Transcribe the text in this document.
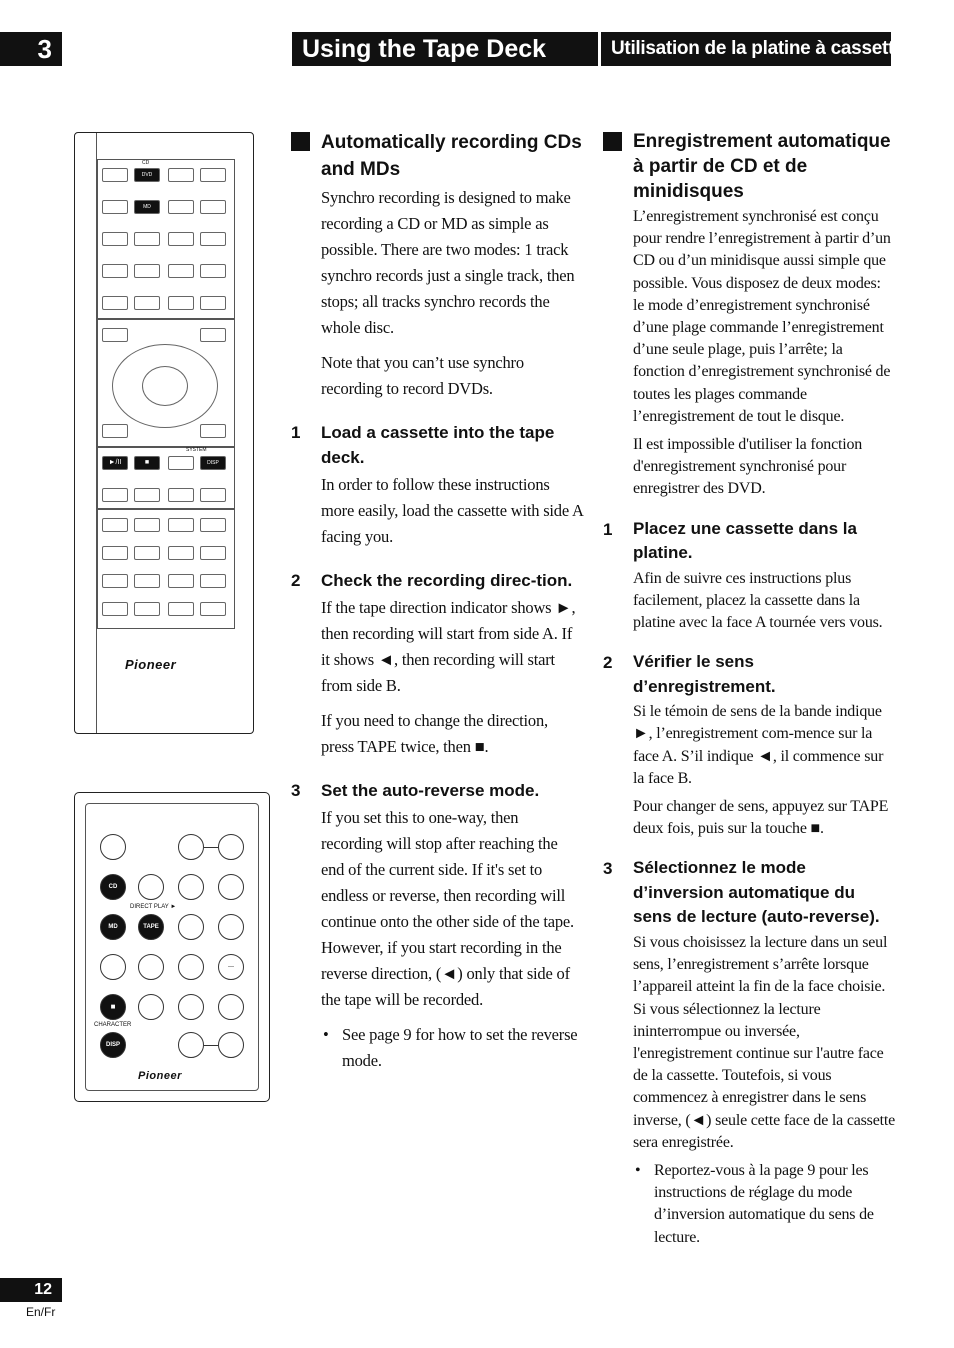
3	Using the Tape Deck	Utilisation de la platine à cassettes
CD
DVD
MD
SYSTEM
►/II	■	DISP
Pioneer
CD
DIRECT PLAY ►
MD	TAPE
---
■
CHARACTER
DISP
Pioneer
Automatically recording CDs and MDs

Synchro recording is designed to make recording a CD or MD as simple as possible. There are two modes: 1 track synchro records just a single track, then stops; all tracks synchro records the whole disc.

Note that you can’t use synchro recording to record DVDs.

1 Load a cassette into the tape deck.

In order to follow these instructions more easily, load the cassette with side A facing you.

2 Check the recording direc-tion.

If the tape direction indicator shows ►, then recording will start from side A. If it shows ◄, then recording will start from side B.

If you need to change the direction, press TAPE twice, then ■.

3 Set the auto-reverse mode.

If you set this to one-way, then recording will stop after reaching the end of the current side. If it's set to endless or reverse, then recording will continue onto the other side of the tape. However, if you start recording in the reverse direction, (◄) only that side of the tape will be recorded.

• See page 9 for how to set the reverse mode.

Enregistrement automatique à partir de CD et de minidisques

L’enregistrement synchronisé est conçu pour rendre l’enregistrement à partir d’un CD ou d’un minidisque aussi simple que possible. Vous disposez de deux modes: le mode d’enregistrement synchronisé d’une plage commande l’enregistrement d’une seule plage, puis l’arrête; la fonction d’enregistrement synchronisé de toutes les plages commande l’enregistrement de tout le disque.

Il est impossible d'utiliser la fonction d'enregistrement synchronisé pour enregistrer des DVD.

1 Placez une cassette dans la platine.

Afin de suivre ces instructions plus facilement, placez la cassette dans la platine avec la face A tournée vers vous.

2 Vérifier le sens d’enregistrement.

Si le témoin de sens de la bande indique ►, l’enregistrement com-mence sur la face A. S’il indique ◄, il commence sur la face B.

Pour changer de sens, appuyez sur TAPE deux fois, puis sur la touche ■.

3 Sélectionnez le mode d’inversion automatique du sens de lecture (auto-reverse).

Si vous choisissez la lecture dans un seul sens, l’enregistrement s’arrête lorsque l’appareil atteint la fin de la face choisie. Si vous sélectionnez la lecture ininterrompue ou inversée, l'enregistrement continue sur l'autre face de la cassette. Toutefois, si vous commencez à enregistrer dans le sens inverse, (◄) seule cette face de la cassette sera enregistrée.

• Reportez-vous à la page 9 pour les instructions de réglage du mode d’inversion automatique du sens de lecture.

12
En/Fr
